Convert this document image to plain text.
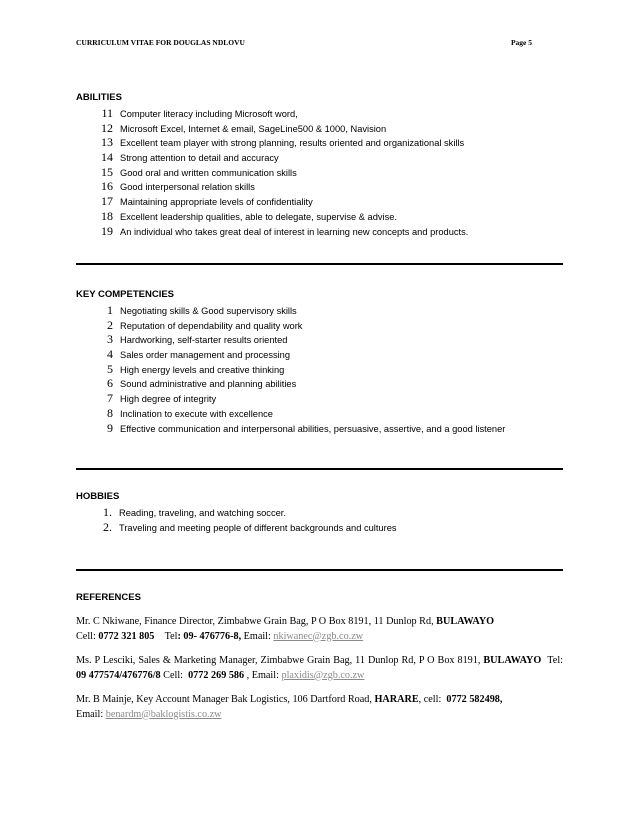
CURRICULUM VITAE FOR DOUGLAS NDLOVU	Page 5
ABILITIES
11 Computer literacy including Microsoft word,
12 Microsoft Excel, Internet & email, SageLine500 & 1000, Navision
13 Excellent team player with strong planning, results oriented and organizational skills
14 Strong attention to detail and accuracy
15 Good oral and written communication skills
16 Good interpersonal relation skills
17 Maintaining appropriate levels of confidentiality
18 Excellent leadership qualities, able to delegate, supervise & advise.
19 An individual who takes great deal of interest in learning new concepts and products.
KEY COMPETENCIES
1 Negotiating skills & Good supervisory skills
2 Reputation of dependability and quality work
3 Hardworking, self-starter results oriented
4 Sales order management and processing
5 High energy levels and creative thinking
6 Sound administrative and planning abilities
7 High degree of integrity
8 Inclination to execute with excellence
9 Effective communication and interpersonal abilities, persuasive, assertive, and a good listener
HOBBIES
1. Reading, traveling, and watching soccer.
2. Traveling and meeting people of different backgrounds and cultures
REFERENCES

Mr. C Nkiwane, Finance Director, Zimbabwe Grain Bag, P O Box 8191, 11 Dunlop Rd, BULAWAYO
Cell: 0772 321 805 Tel: 09- 476776-8, Email: nkiwanec@zgb.co.zw

Ms. P Lesciki, Sales & Marketing Manager, Zimbabwe Grain Bag, 11 Dunlop Rd, P O Box 8191, BULAWAYO Tel: 09 477574/476776/8 Cell:  0772 269 586 , Email: plaxidis@zgb.co.zw

Mr. B Mainje, Key Account Manager Bak Logistics, 106 Dartford Road, HARARE, cell:  0772 582498,
Email: benardm@baklogistis.co.zw
